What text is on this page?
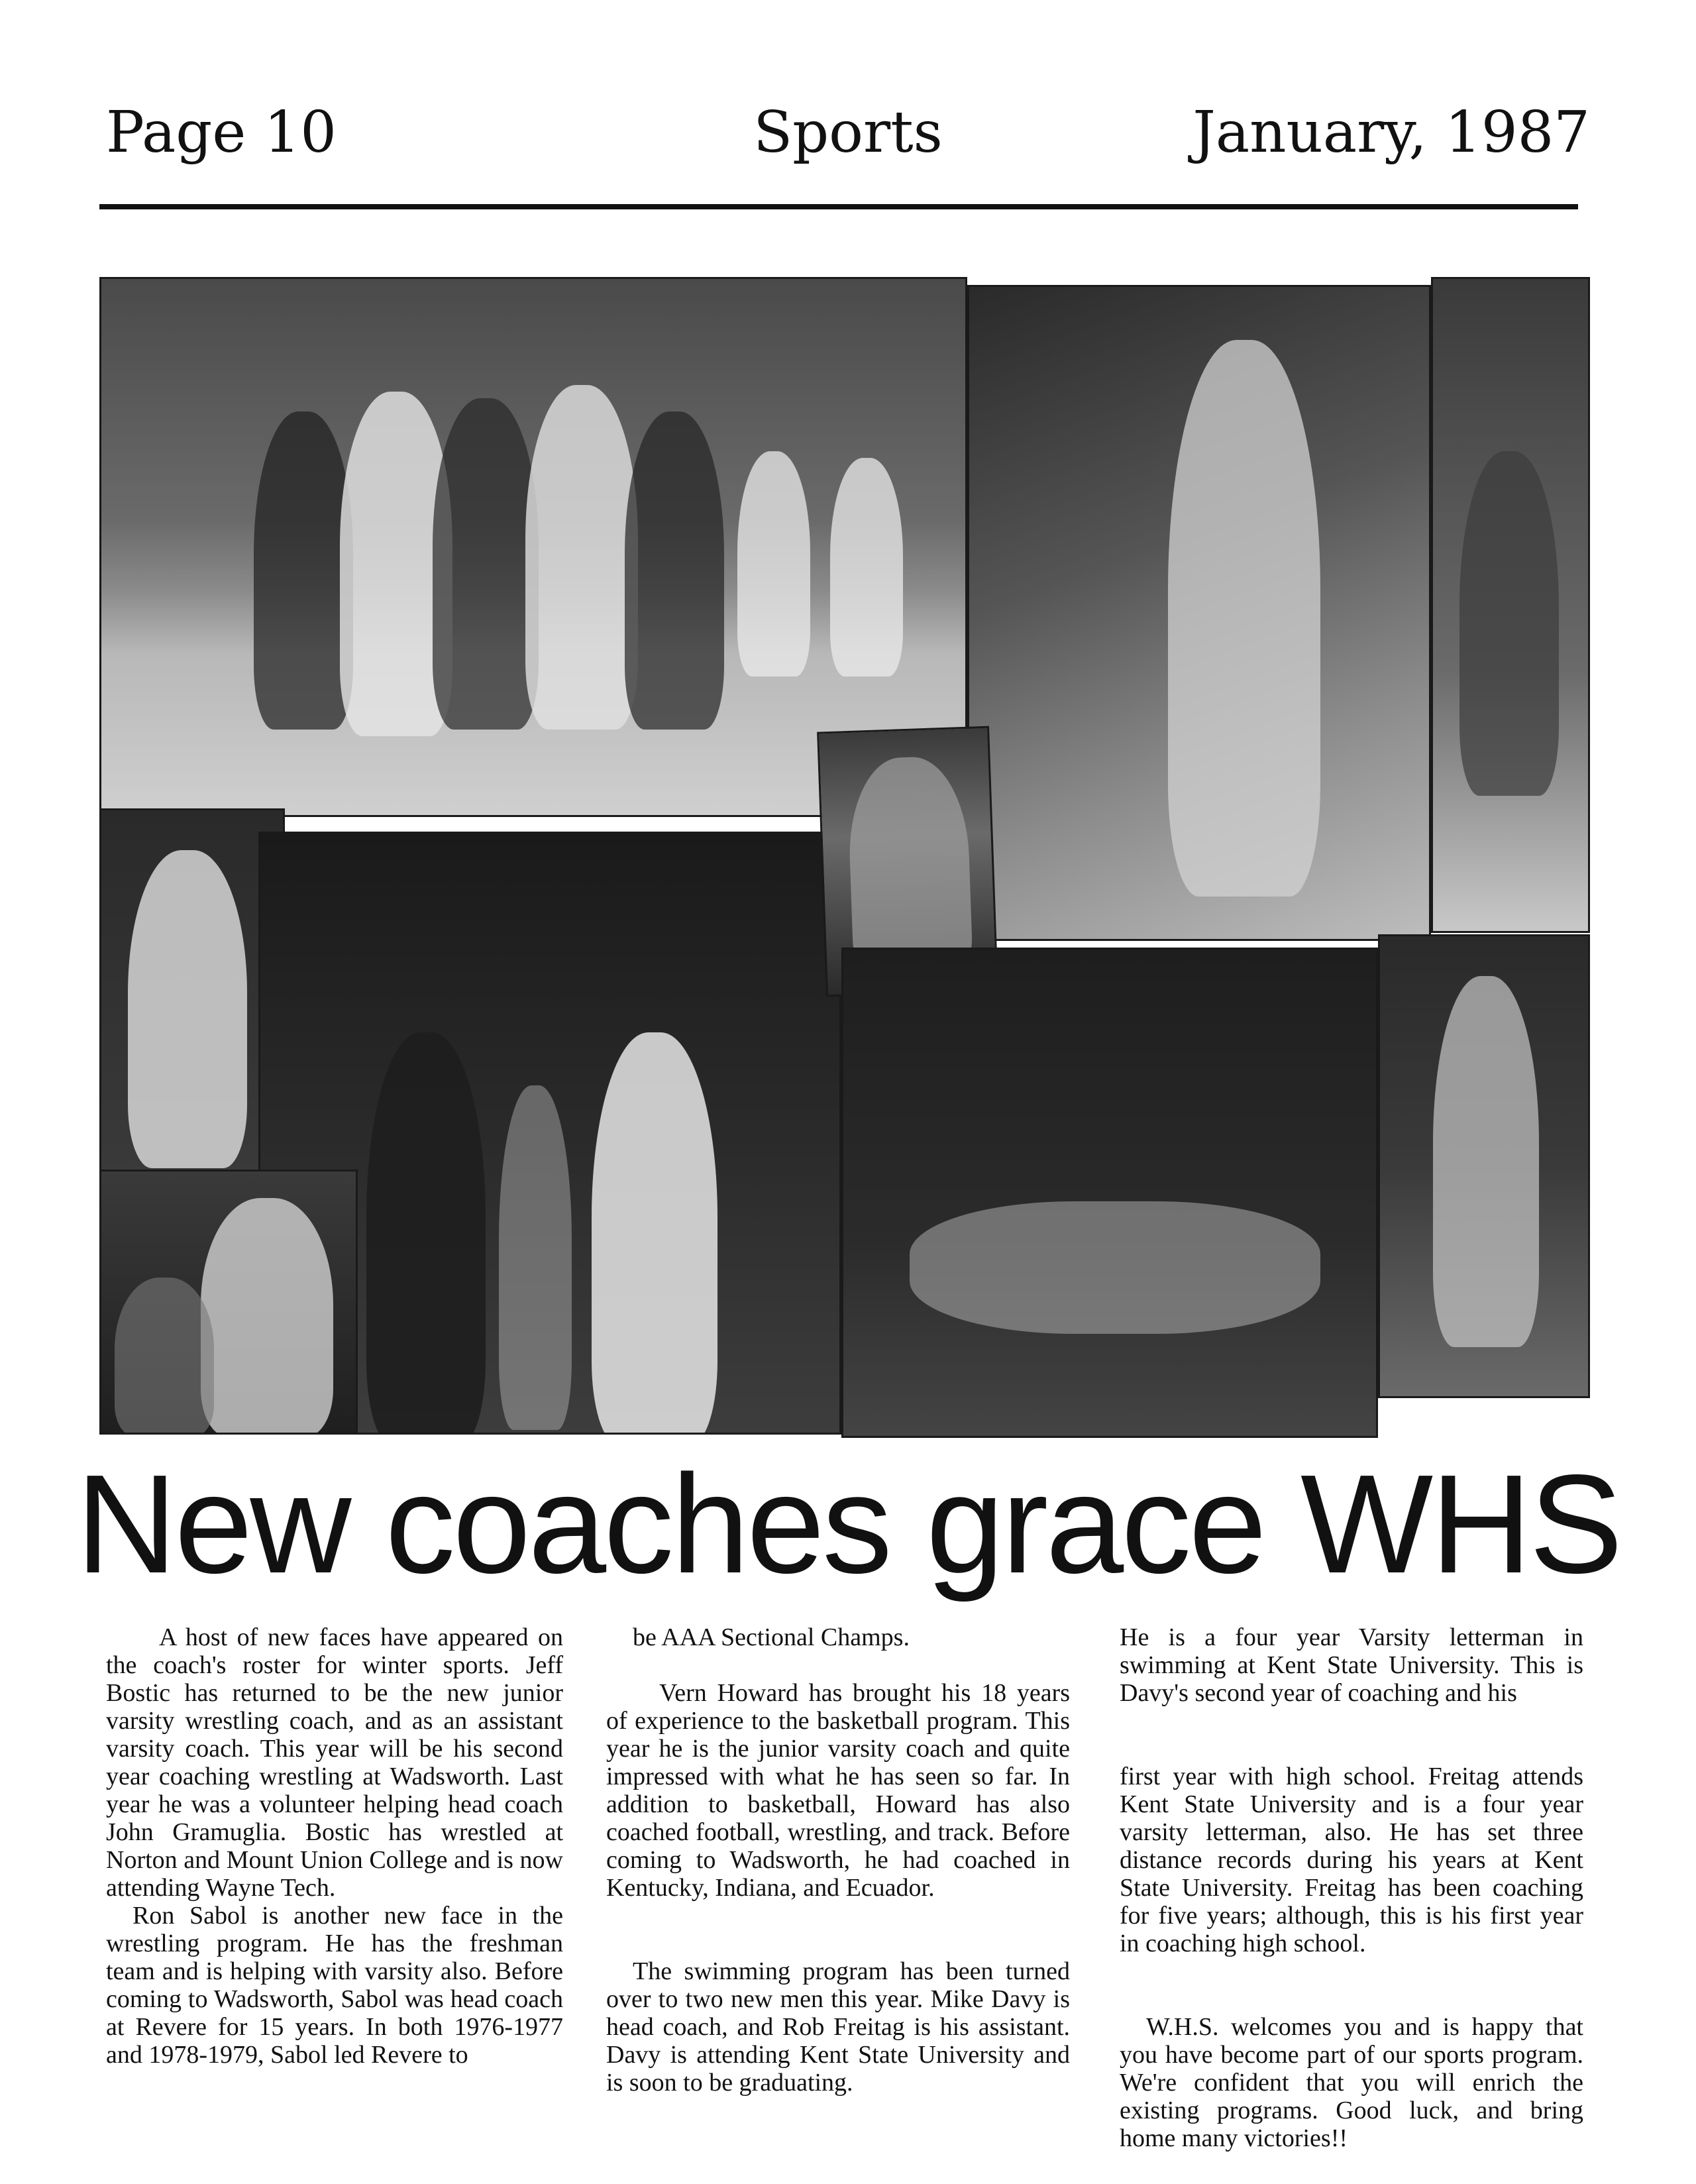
Page 10	Sports	January, 1987
New coaches grace WHS

A host of new faces have appeared on the coach's roster for winter sports. Jeff Bostic has returned to be the new junior varsity wrestling coach, and as an assistant varsity coach. This year will be his second year coaching wrestling at Wadsworth. Last year he was a volunteer helping head coach John Gramuglia. Bostic has wrestled at Norton and Mount Union College and is now attending Wayne Tech.

Ron Sabol is another new face in the wrestling program. He has the freshman team and is helping with varsity also. Before coming to Wadsworth, Sabol was head coach at Revere for 15 years. In both 1976-1977 and 1978-1979, Sabol led Revere to

be AAA Sectional Champs.

Vern Howard has brought his 18 years of experience to the basketball program. This year he is the junior varsity coach and quite impressed with what he has seen so far. In addition to basketball, Howard has also coached football, wrestling, and track. Before coming to Wadsworth, he had coached in Kentucky, Indiana, and Ecuador.

The swimming program has been turned over to two new men this year. Mike Davy is head coach, and Rob Freitag is his assistant. Davy is attending Kent State University and is soon to be graduating.

He is a four year Varsity letterman in swimming at Kent State University. This is Davy's second year of coaching and his

first year with high school. Freitag attends Kent State University and is a four year varsity letterman, also. He has set three distance records during his years at Kent State University. Freitag has been coaching for five years; although, this is his first year in coaching high school.

W.H.S. welcomes you and is happy that you have become part of our sports program. We're confident that you will enrich the existing programs. Good luck, and bring home many victories!!
